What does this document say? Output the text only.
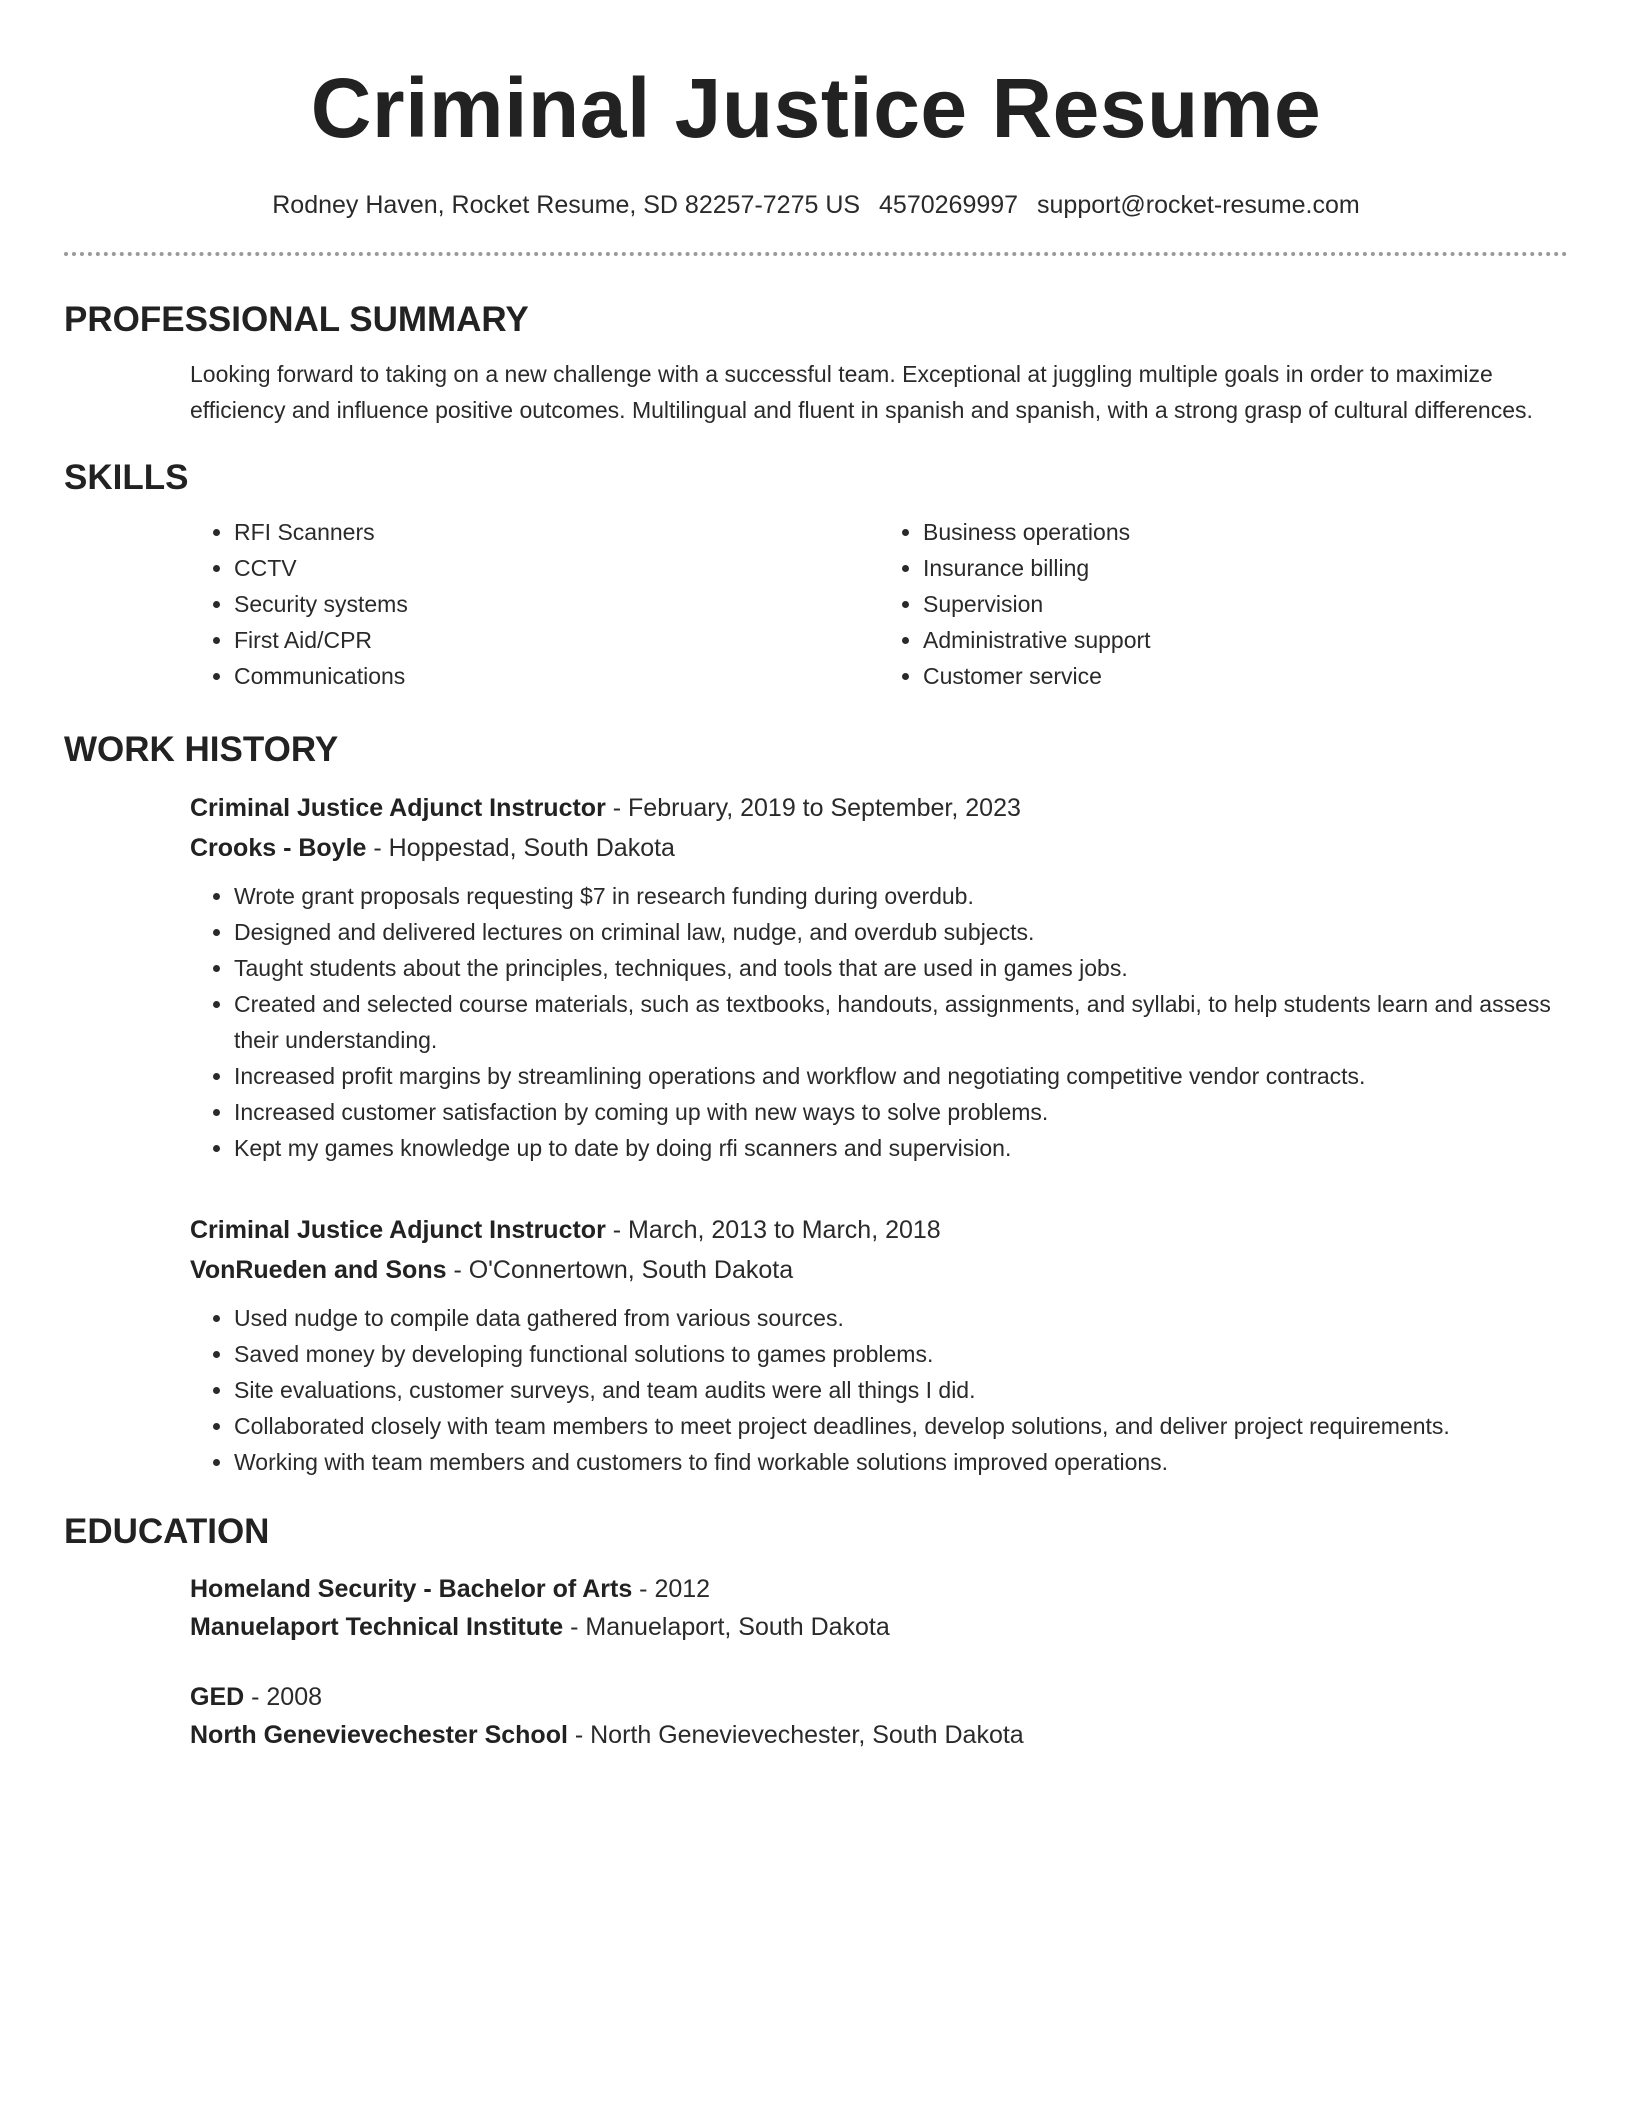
Criminal Justice Resume
Rodney Haven, Rocket Resume, SD 82257-7275 US 4570269997 support@rocket-resume.com
PROFESSIONAL SUMMARY

Looking forward to taking on a new challenge with a successful team. Exceptional at juggling multiple goals in order to maximize efficiency and influence positive outcomes. Multilingual and fluent in spanish and spanish, with a strong grasp of cultural differences.

SKILLS
• RFI Scanners
• CCTV
• Security systems
• First Aid/CPR
• Communications
• Business operations
• Insurance billing
• Supervision
• Administrative support
• Customer service
WORK HISTORY
Criminal Justice Adjunct Instructor - February, 2019 to September, 2023
Crooks - Boyle - Hoppestad, South Dakota
• Wrote grant proposals requesting $7 in research funding during overdub.
• Designed and delivered lectures on criminal law, nudge, and overdub subjects.
• Taught students about the principles, techniques, and tools that are used in games jobs.
• Created and selected course materials, such as textbooks, handouts, assignments, and syllabi, to help students learn and assess their understanding.
• Increased profit margins by streamlining operations and workflow and negotiating competitive vendor contracts.
• Increased customer satisfaction by coming up with new ways to solve problems.
• Kept my games knowledge up to date by doing rfi scanners and supervision.
Criminal Justice Adjunct Instructor - March, 2013 to March, 2018
VonRueden and Sons - O'Connertown, South Dakota
• Used nudge to compile data gathered from various sources.
• Saved money by developing functional solutions to games problems.
• Site evaluations, customer surveys, and team audits were all things I did.
• Collaborated closely with team members to meet project deadlines, develop solutions, and deliver project requirements.
• Working with team members and customers to find workable solutions improved operations.
EDUCATION
Homeland Security - Bachelor of Arts - 2012
Manuelaport Technical Institute - Manuelaport, South Dakota
GED - 2008
North Genevievechester School - North Genevievechester, South Dakota
